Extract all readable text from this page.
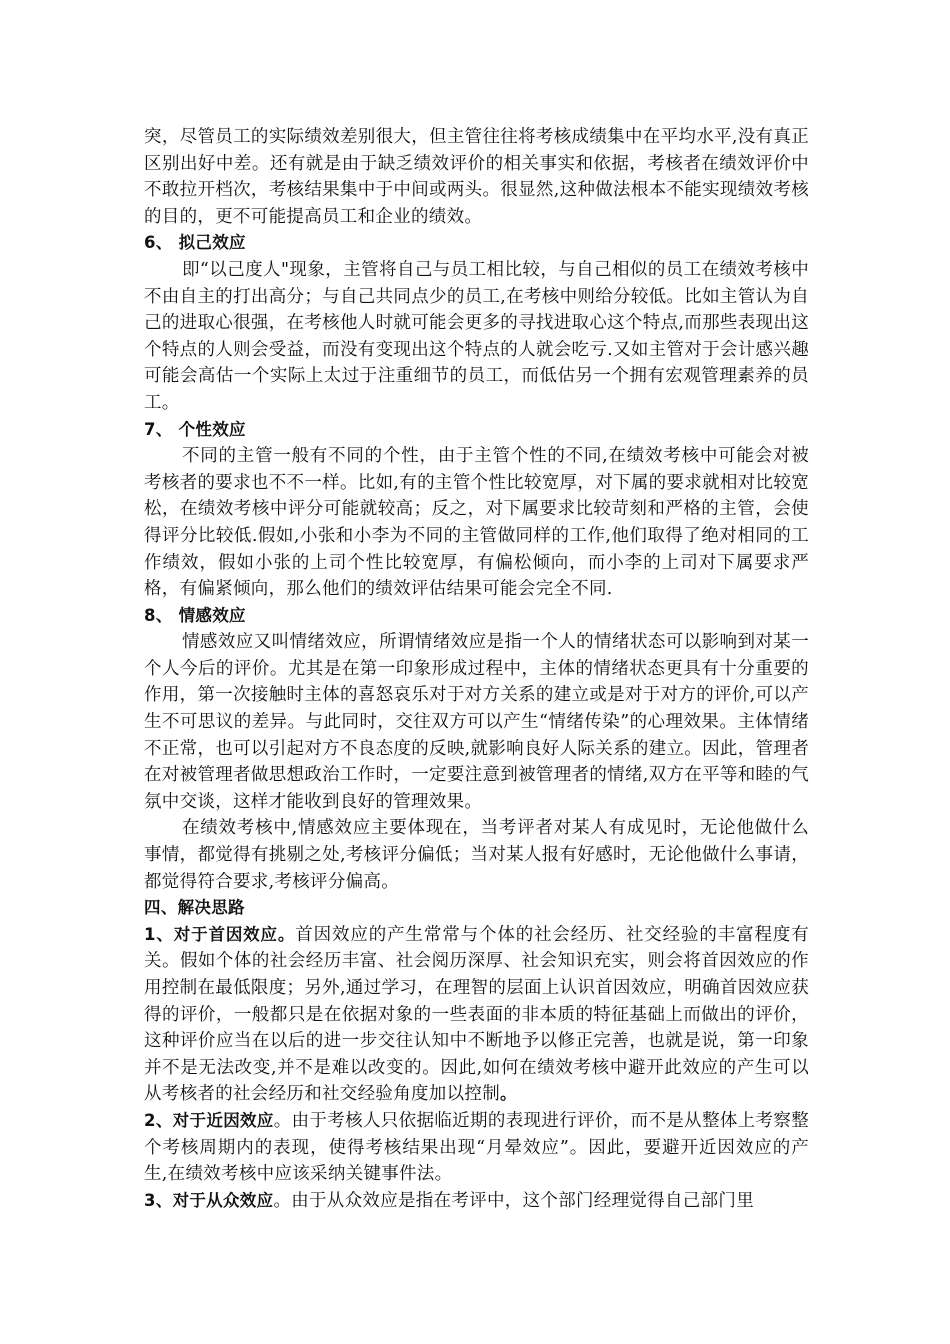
突，尽管员工的实际绩效差别很大，但主管往往将考核成绩集中在平均水平,没有真正区别出好中差。还有就是由于缺乏绩效评价的相关事实和依据，考核者在绩效评价中不敢拉开档次，考核结果集中于中间或两头。很显然,这种做法根本不能实现绩效考核的目的，更不可能提高员工和企业的绩效。

6、 拟己效应

即“以己度人"现象，主管将自己与员工相比较，与自己相似的员工在绩效考核中不由自主的打出高分；与自己共同点少的员工,在考核中则给分较低。比如主管认为自己的进取心很强，在考核他人时就可能会更多的寻找进取心这个特点,而那些表现出这个特点的人则会受益，而没有变现出这个特点的人就会吃亏.又如主管对于会计感兴趣可能会高估一个实际上太过于注重细节的员工，而低估另一个拥有宏观管理素养的员工。

7、 个性效应

不同的主管一般有不同的个性，由于主管个性的不同,在绩效考核中可能会对被考核者的要求也不不一样。比如,有的主管个性比较宽厚，对下属的要求就相对比较宽松，在绩效考核中评分可能就较高；反之，对下属要求比较苛刻和严格的主管，会使得评分比较低.假如,小张和小李为不同的主管做同样的工作,他们取得了绝对相同的工作绩效，假如小张的上司个性比较宽厚，有偏松倾向，而小李的上司对下属要求严格，有偏紧倾向，那么他们的绩效评估结果可能会完全不同.

8、 情感效应

情感效应又叫情绪效应，所谓情绪效应是指一个人的情绪状态可以影响到对某一个人今后的评价。尤其是在第一印象形成过程中，主体的情绪状态更具有十分重要的作用，第一次接触时主体的喜怒哀乐对于对方关系的建立或是对于对方的评价,可以产生不可思议的差异。与此同时，交往双方可以产生“情绪传染”的心理效果。主体情绪不正常，也可以引起对方不良态度的反映,就影响良好人际关系的建立。因此，管理者在对被管理者做思想政治工作时，一定要注意到被管理者的情绪,双方在平等和睦的气氛中交谈，这样才能收到良好的管理效果。

在绩效考核中,情感效应主要体现在，当考评者对某人有成见时，无论他做什么事情，都觉得有挑剔之处,考核评分偏低；当对某人报有好感时，无论他做什么事请，都觉得符合要求,考核评分偏高。

四、解决思路

1、对于首因效应。首因效应的产生常常与个体的社会经历、社交经验的丰富程度有关。假如个体的社会经历丰富、社会阅历深厚、社会知识充实，则会将首因效应的作用控制在最低限度；另外,通过学习，在理智的层面上认识首因效应，明确首因效应获得的评价，一般都只是在依据对象的一些表面的非本质的特征基础上而做出的评价，这种评价应当在以后的进一步交往认知中不断地予以修正完善，也就是说，第一印象并不是无法改变,并不是难以改变的。因此,如何在绩效考核中避开此效应的产生可以从考核者的社会经历和社交经验角度加以控制。

2、对于近因效应。由于考核人只依据临近期的表现进行评价，而不是从整体上考察整个考核周期内的表现，使得考核结果出现“月晕效应”。因此，要避开近因效应的产生,在绩效考核中应该采纳关键事件法。

3、对于从众效应。由于从众效应是指在考评中，这个部门经理觉得自己部门里
